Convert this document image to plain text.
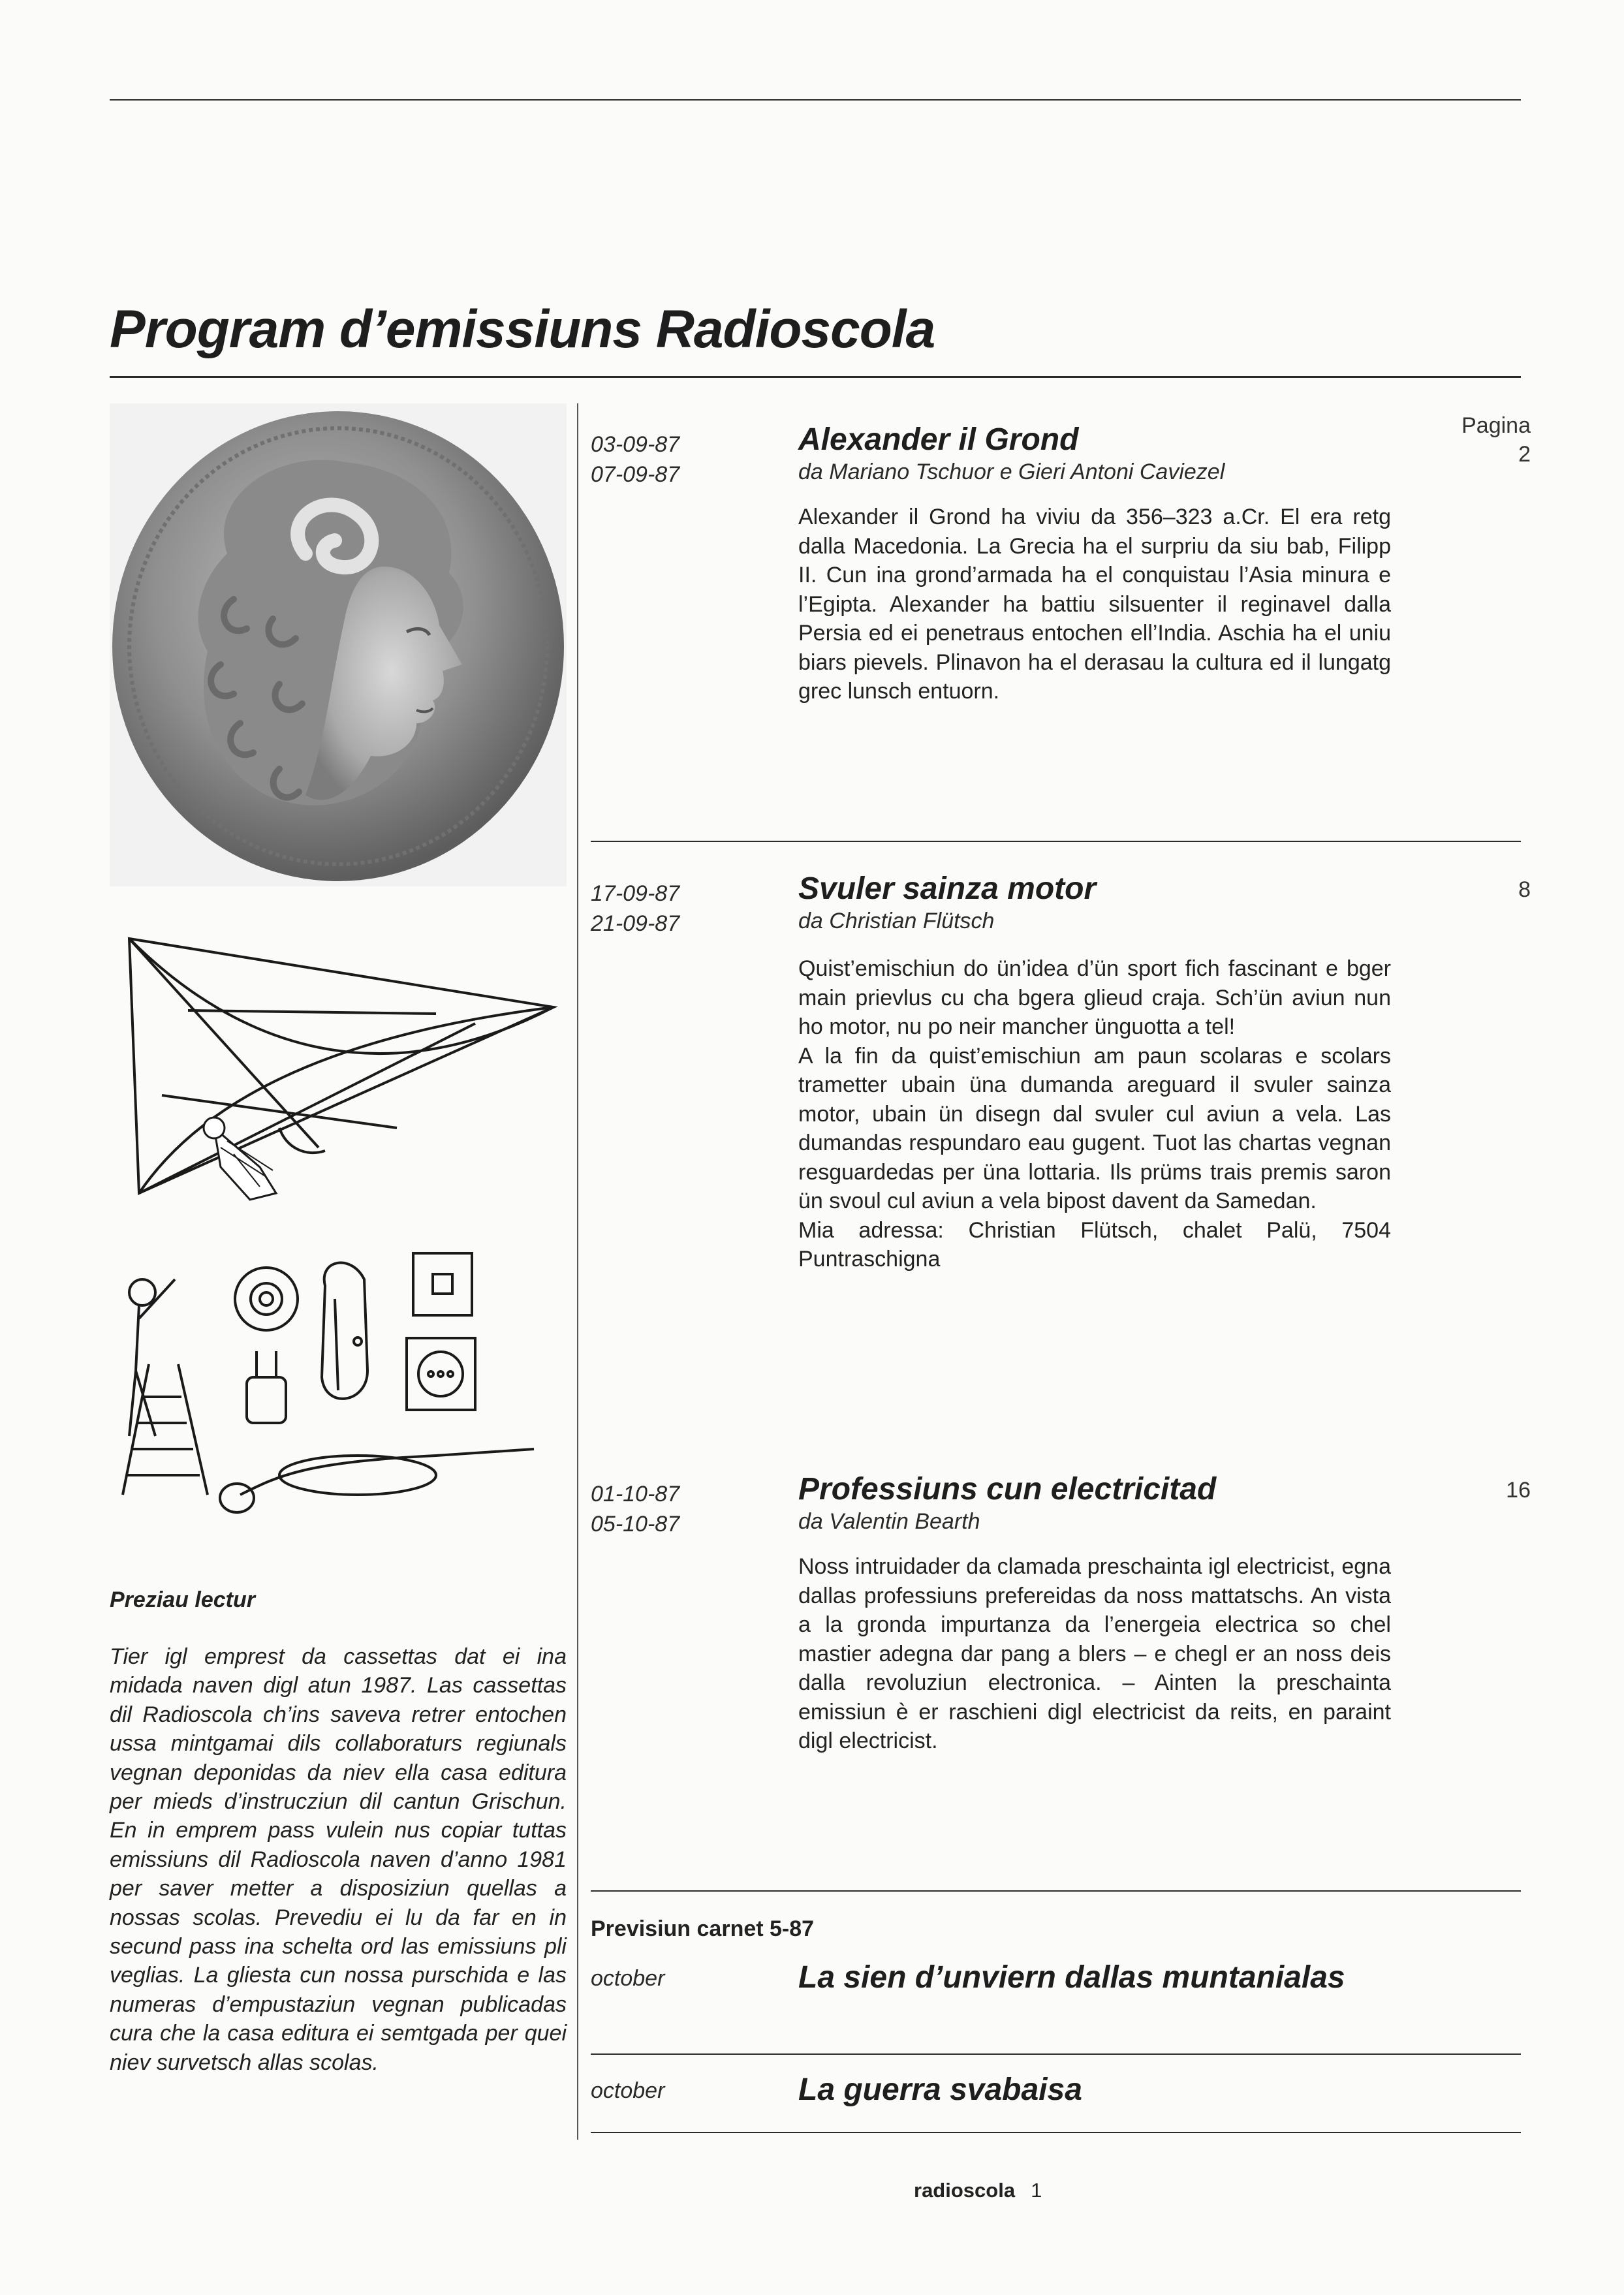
Program d’emissiuns Radioscola
03-09-87
07-09-87
Alexander il Grond
da Mariano Tschuor e Gieri Antoni Caviezel
Pagina
2

Alexander il Grond ha viviu da 356–323 a.Cr. El era retg dalla Macedonia. La Grecia ha el surpriu da siu bab, Filipp II. Cun ina grond’armada ha el conquistau l’Asia minura e l’Egipta. Alexander ha battiu silsuenter il reginavel dalla Persia ed ei penetraus entochen ell’India. Aschia ha el uniu biars pievels. Plinavon ha el derasau la cultura ed il lungatg grec lunsch entuorn.

17-09-87
21-09-87
Svuler sainza motor
da Christian Flütsch
8

Quist’emischiun do ün’idea d’ün sport fich fascinant e bger main prievlus cu cha bgera glieud craja. Sch’ün aviun nun ho motor, nu po neir mancher ünguotta a tel!

A la fin da quist’emischiun am paun scolaras e scolars trametter ubain üna dumanda areguard il svuler sainza motor, ubain ün disegn dal svuler cul aviun a vela. Las dumandas respundaro eau gugent. Tuot las chartas vegnan resguardedas per üna lottaria. Ils prüms trais premis saron ün svoul cul aviun a vela bipost davent da Samedan.

Mia adressa: Christian Flütsch, chalet Palü, 7504 Puntraschigna

01-10-87
05-10-87
Professiuns cun electricitad
da Valentin Bearth
16

Noss intruidader da clamada preschainta igl electricist, egna dallas professiuns prefereidas da noss mattatschs. An vista a la gronda impurtanza da l’energeia electrica so chel mastier adegna dar pang a blers – e chegl er an noss deis dalla revoluziun electronica. – Ainten la preschainta emissiun è er raschieni digl electricist da reits, en paraint digl electricist.

Preziau lectur
Tier igl emprest da cassettas dat ei ina midada naven digl atun 1987. Las cassettas dil Radioscola ch’ins saveva retrer entochen ussa mintgamai dils collaboraturs regiunals vegnan deponidas da niev ella casa editura per mieds d’instrucziun dil cantun Grischun. En in emprem pass vulein nus copiar tuttas emissiuns dil Radioscola naven d’anno 1981 per saver metter a disposiziun quellas a nossas scolas. Prevediu ei lu da far en in secund pass ina schelta ord las emissiuns pli veglias. La gliesta cun nossa purschida e las numeras d’empustaziun vegnan publicadas cura che la casa editura ei semtgada per quei niev survetsch allas scolas.
Previsiun carnet 5-87
october	La sien d’unviern dallas muntanialas
october	La guerra svabaisa
radioscola 1
